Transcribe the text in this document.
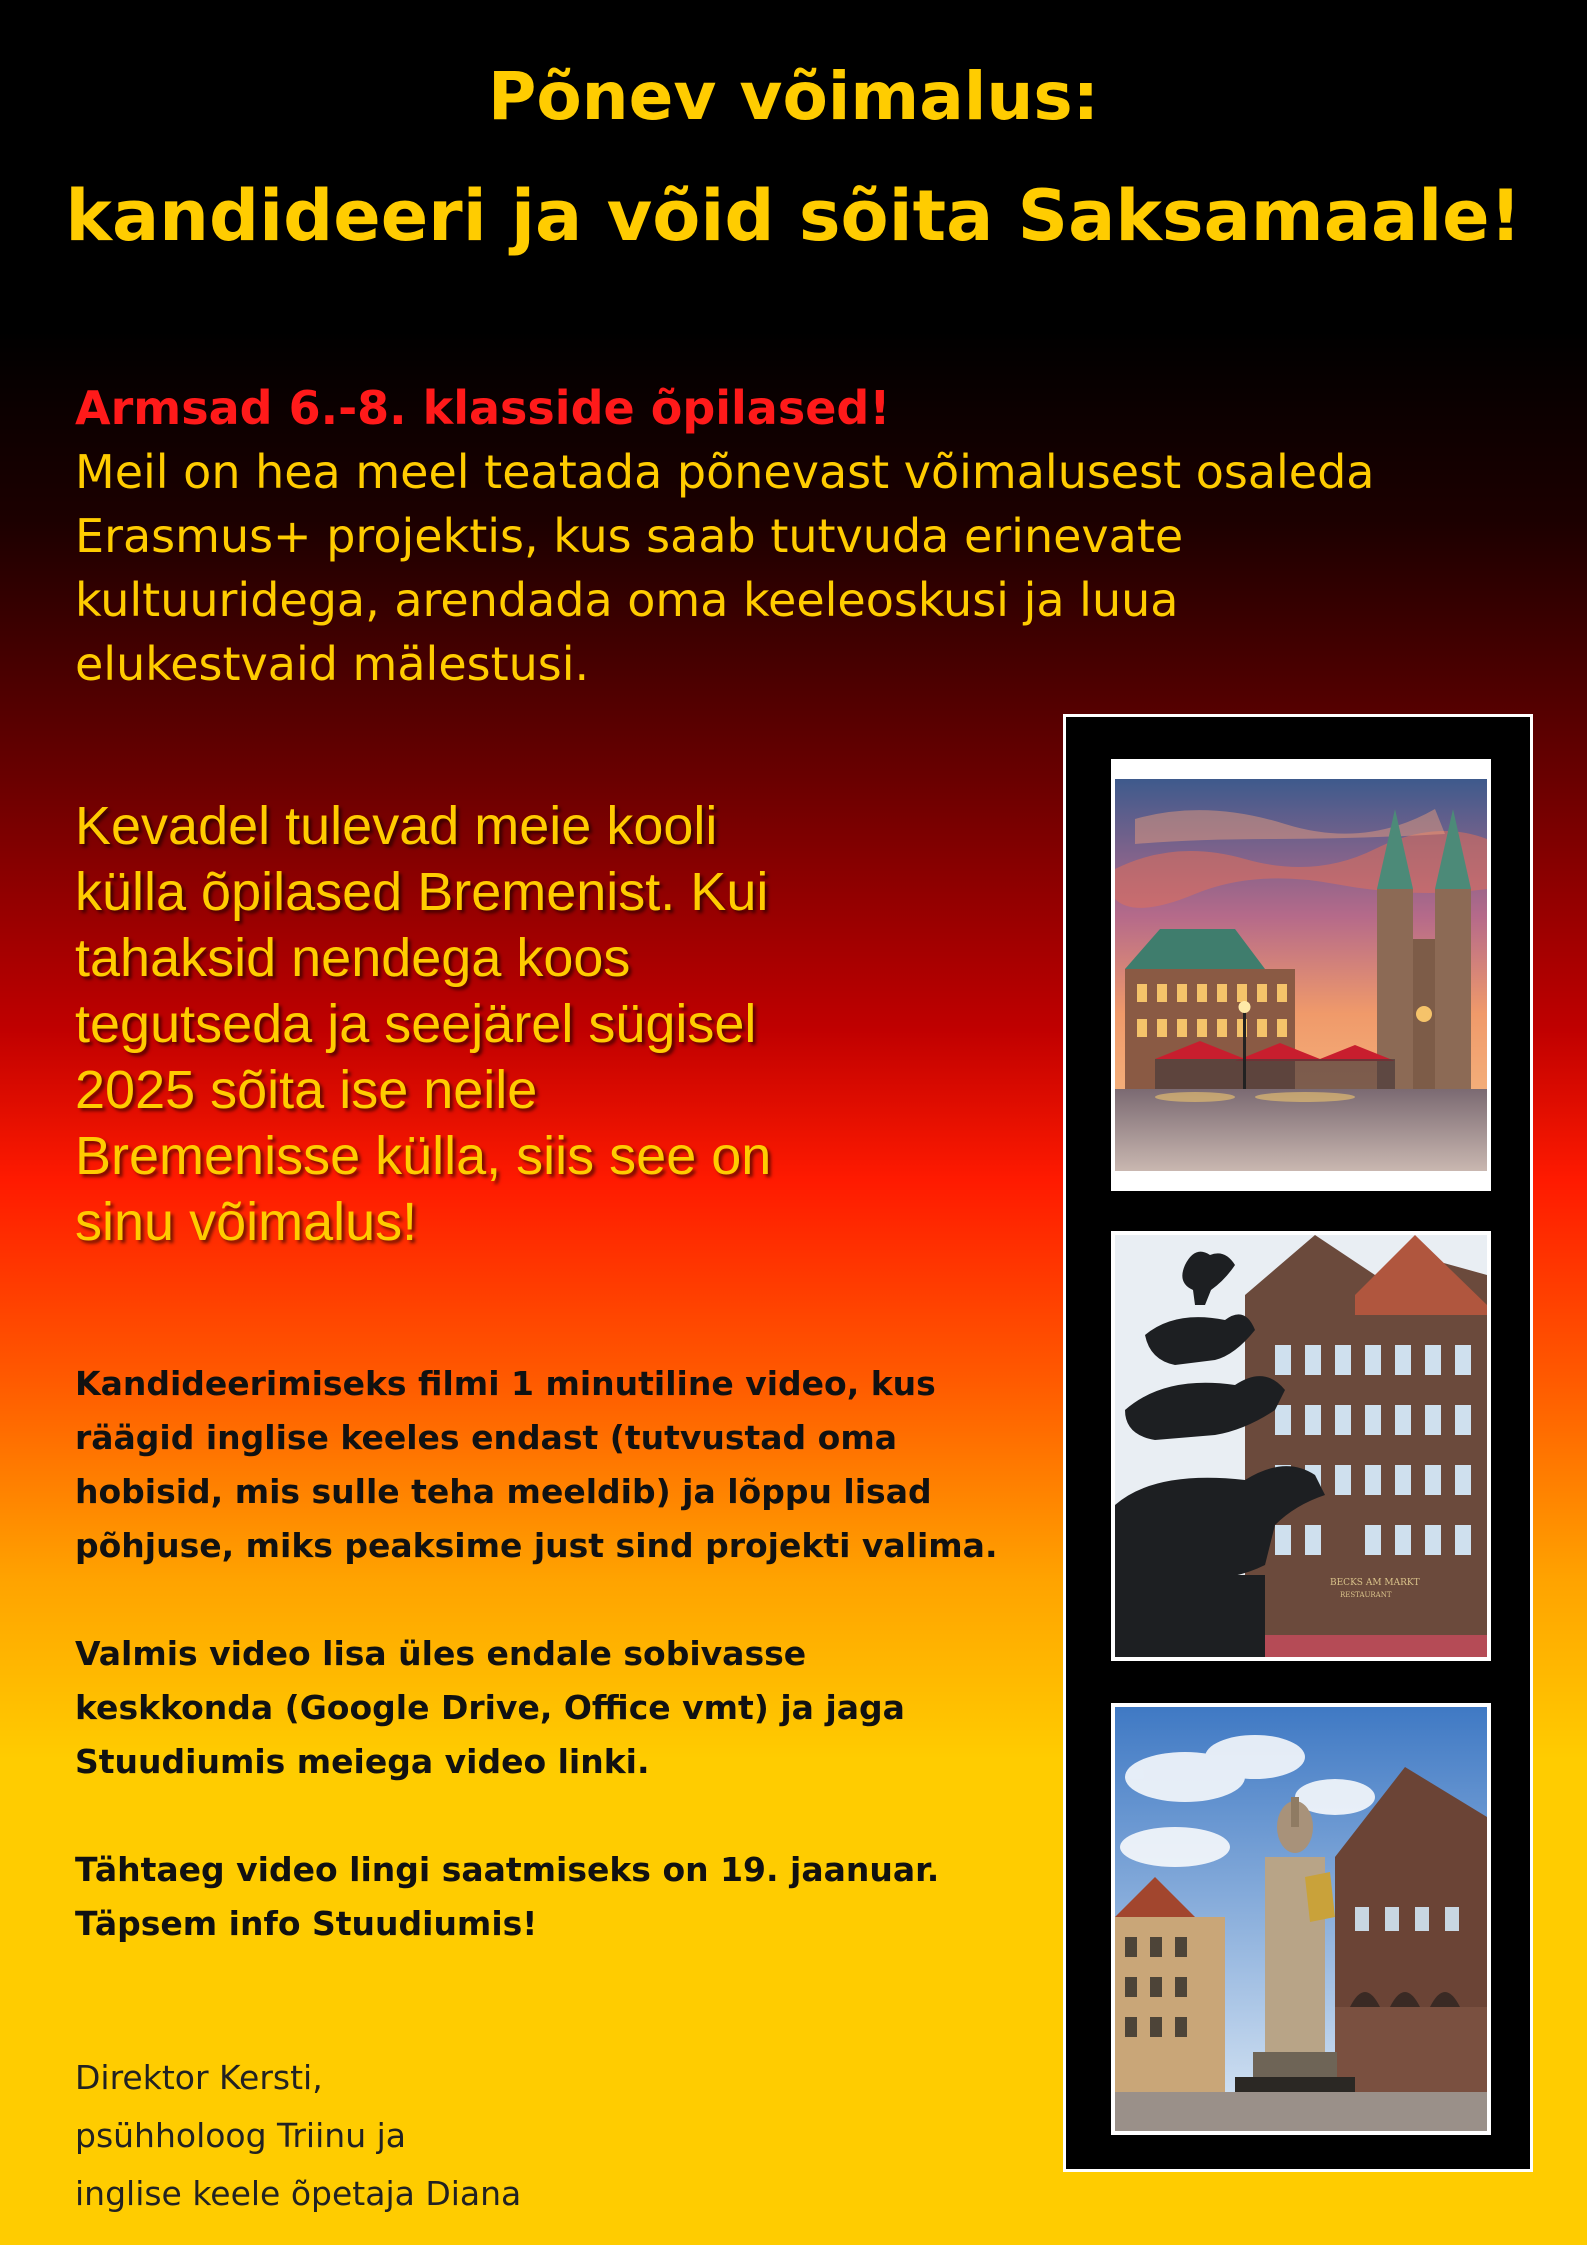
Põnev võimalus:
kandideeri ja võid sõita Saksamaale!
Armsad 6.-8. klasside õpilased!
Meil on hea meel teatada põnevast võimalusest osaleda
Erasmus+ projektis, kus saab tutvuda erinevate
kultuuridega, arendada oma keeleoskusi ja luua
elukestvaid mälestusi.
Kevadel tulevad meie kooli
külla õpilased Bremenist. Kui
tahaksid nendega koos
tegutseda ja seejärel sügisel
2025 sõita ise neile
Bremenisse külla, siis see on
sinu võimalus!
Kandideerimiseks filmi 1 minutiline video, kus
räägid inglise keeles endast (tutvustad oma
hobisid, mis sulle teha meeldib) ja lõppu lisad
põhjuse, miks peaksime just sind projekti valima.
Valmis video lisa üles endale sobivasse
keskkonda (Google Drive, Office vmt) ja jaga
Stuudiumis meiega video linki.
Tähtaeg video lingi saatmiseks on 19. jaanuar.
Täpsem info Stuudiumis!
Direktor Kersti,
psühholoog Triinu ja
inglise keele õpetaja Diana
BECKS AM MARKT
RESTAURANT
